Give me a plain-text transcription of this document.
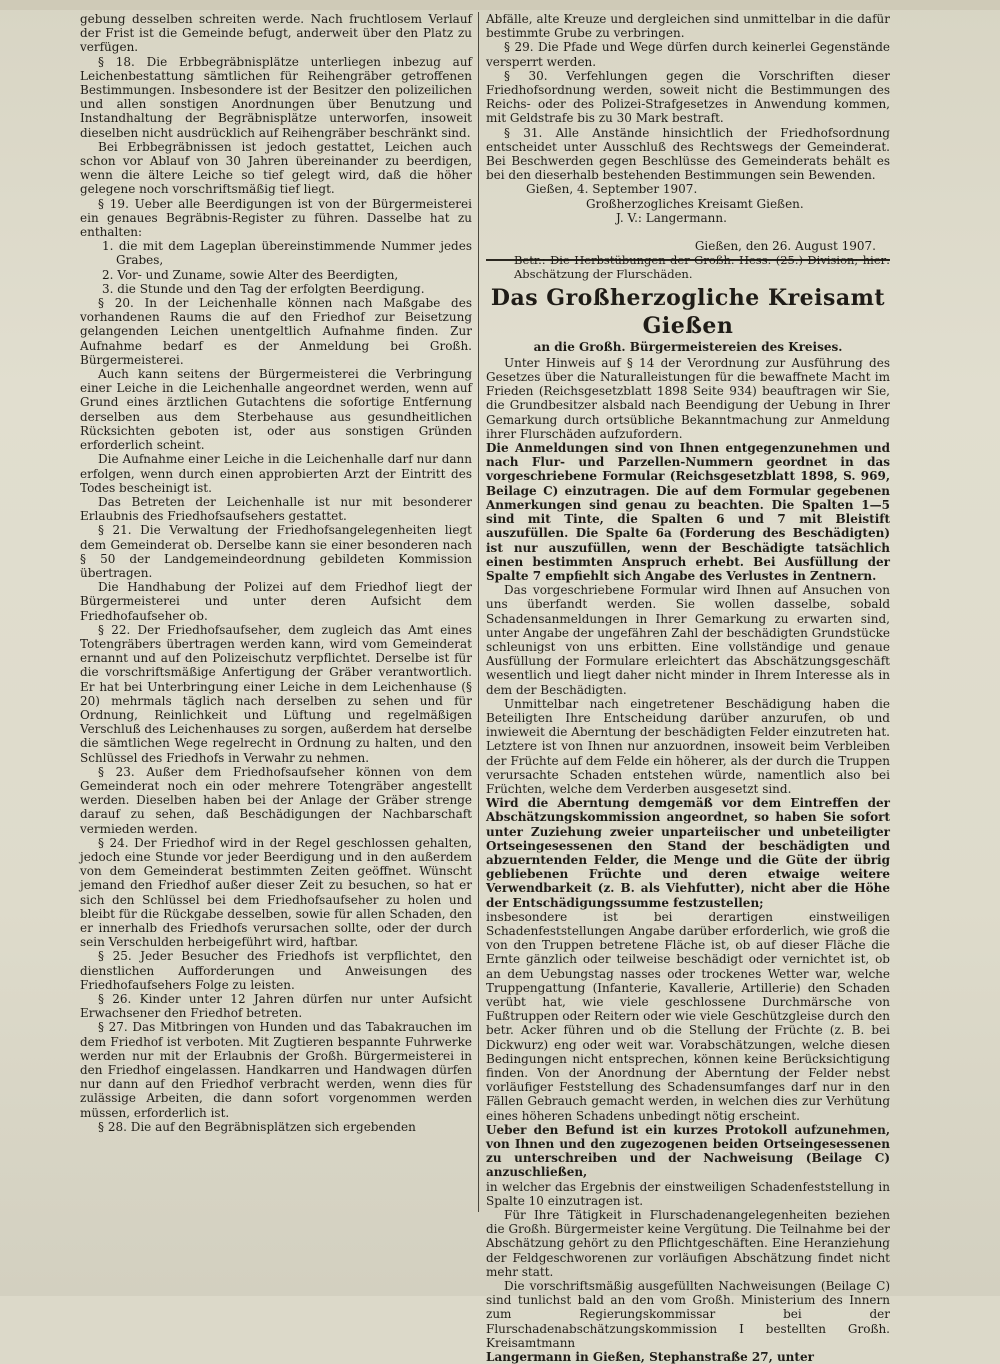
gebung desselben schreiten werde. Nach fruchtlosem Verlauf der Frist ist die Gemeinde befugt, anderweit über den Platz zu verfügen.

§ 18. Die Erbbegräbnisplätze unterliegen inbezug auf Leichenbestattung sämtlichen für Reihengräber getroffenen Bestimmungen. Insbesondere ist der Besitzer den polizeilichen und allen sonstigen Anordnungen über Benutzung und Instandhaltung der Begräbnisplätze unterworfen, insoweit dieselben nicht ausdrücklich auf Reihengräber beschränkt sind.

Bei Erbbegräbnissen ist jedoch gestattet, Leichen auch schon vor Ablauf von 30 Jahren übereinander zu beerdigen, wenn die ältere Leiche so tief gelegt wird, daß die höher gelegene noch vorschriftsmäßig tief liegt.

§ 19. Ueber alle Beerdigungen ist von der Bürgermeisterei ein genaues Begräbnis-Register zu führen. Dasselbe hat zu enthalten:

1. die mit dem Lageplan übereinstimmende Nummer jedes Grabes,
2. Vor- und Zuname, sowie Alter des Beerdigten,
3. die Stunde und den Tag der erfolgten Beerdigung.

§ 20. In der Leichenhalle können nach Maßgabe des vorhandenen Raums die auf den Friedhof zur Beisetzung gelangenden Leichen unentgeltlich Aufnahme finden. Zur Aufnahme bedarf es der Anmeldung bei Großh. Bürgermeisterei.

Auch kann seitens der Bürgermeisterei die Verbringung einer Leiche in die Leichenhalle angeordnet werden, wenn auf Grund eines ärztlichen Gutachtens die sofortige Entfernung derselben aus dem Sterbehause aus gesundheitlichen Rücksichten geboten ist, oder aus sonstigen Gründen erforderlich scheint.

Die Aufnahme einer Leiche in die Leichenhalle darf nur dann erfolgen, wenn durch einen approbierten Arzt der Eintritt des Todes bescheinigt ist.

Das Betreten der Leichenhalle ist nur mit besonderer Erlaubnis des Friedhofsaufsehers gestattet.

§ 21. Die Verwaltung der Friedhofsangelegenheiten liegt dem Gemeinderat ob. Derselbe kann sie einer besonderen nach § 50 der Landgemeindeordnung gebildeten Kommission übertragen.

Die Handhabung der Polizei auf dem Friedhof liegt der Bürgermeisterei und unter deren Aufsicht dem Friedhofaufseher ob.

§ 22. Der Friedhofsaufseher, dem zugleich das Amt eines Totengräbers übertragen werden kann, wird vom Gemeinderat ernannt und auf den Polizeischutz verpflichtet. Derselbe ist für die vorschriftsmäßige Anfertigung der Gräber verantwortlich. Er hat bei Unterbringung einer Leiche in dem Leichenhause (§ 20) mehrmals täglich nach derselben zu sehen und für Ordnung, Reinlichkeit und Lüftung und regelmäßigen Verschluß des Leichenhauses zu sorgen, außerdem hat derselbe die sämtlichen Wege regelrecht in Ordnung zu halten, und den Schlüssel des Friedhofs in Verwahr zu nehmen.

§ 23. Außer dem Friedhofsaufseher können von dem Gemeinderat noch ein oder mehrere Totengräber angestellt werden. Dieselben haben bei der Anlage der Gräber strenge darauf zu sehen, daß Beschädigungen der Nachbarschaft vermieden werden.

§ 24. Der Friedhof wird in der Regel geschlossen gehalten, jedoch eine Stunde vor jeder Beerdigung und in den außerdem von dem Gemeinderat bestimmten Zeiten geöffnet. Wünscht jemand den Friedhof außer dieser Zeit zu besuchen, so hat er sich den Schlüssel bei dem Friedhofsaufseher zu holen und bleibt für die Rückgabe desselben, sowie für allen Schaden, den er innerhalb des Friedhofs verursachen sollte, oder der durch sein Verschulden herbeigeführt wird, haftbar.

§ 25. Jeder Besucher des Friedhofs ist verpflichtet, den dienstlichen Aufforderungen und Anweisungen des Friedhofaufsehers Folge zu leisten.

§ 26. Kinder unter 12 Jahren dürfen nur unter Aufsicht Erwachsener den Friedhof betreten.

§ 27. Das Mitbringen von Hunden und das Tabakrauchen im dem Friedhof ist verboten. Mit Zugtieren bespannte Fuhrwerke werden nur mit der Erlaubnis der Großh. Bürgermeisterei in den Friedhof eingelassen. Handkarren und Handwagen dürfen nur dann auf den Friedhof verbracht werden, wenn dies für zulässige Arbeiten, die dann sofort vorgenommen werden müssen, erforderlich ist.

§ 28. Die auf den Begräbnisplätzen sich ergebenden

Abfälle, alte Kreuze und dergleichen sind unmittelbar in die dafür bestimmte Grube zu verbringen.

§ 29. Die Pfade und Wege dürfen durch keinerlei Gegenstände versperrt werden.

§ 30. Verfehlungen gegen die Vorschriften dieser Friedhofsordnung werden, soweit nicht die Bestimmungen des Reichs- oder des Polizei-Strafgesetzes in Anwendung kommen, mit Geldstrafe bis zu 30 Mark bestraft.

§ 31. Alle Anstände hinsichtlich der Friedhofsordnung entscheidet unter Ausschluß des Rechtswegs der Gemeinderat. Bei Beschwerden gegen Beschlüsse des Gemeinderats behält es bei den dieserhalb bestehenden Bestimmungen sein Bewenden.

Gießen, 4. September 1907.

Großherzogliches Kreisamt Gießen.

J. V.: Langermann.

Gießen, den 26. August 1907.

Betr.: Die Herbstübungen der Großh. Hess. (25.) Division; hier: Abschätzung der Flurschäden.

Das Großherzogliche Kreisamt Gießen
an die Großh. Bürgermeistereien des Kreises.

Unter Hinweis auf § 14 der Verordnung zur Ausführung des Gesetzes über die Naturalleistungen für die bewaffnete Macht im Frieden (Reichsgesetzblatt 1898 Seite 934) beauftragen wir Sie, die Grundbesitzer alsbald nach Beendigung der Uebung in Ihrer Gemarkung durch ortsübliche Bekanntmachung zur Anmeldung ihrer Flurschäden aufzufordern.

Die Anmeldungen sind von Ihnen entgegenzunehmen und nach Flur- und Parzellen-Nummern geordnet in das vorgeschriebene Formular (Reichsgesetzblatt 1898, S. 969, Beilage C) einzutragen. Die auf dem Formular gegebenen Anmerkungen sind genau zu beachten. Die Spalten 1—5 sind mit Tinte, die Spalten 6 und 7 mit Bleistift auszufüllen. Die Spalte 6a (Forderung des Beschädigten) ist nur auszufüllen, wenn der Beschädigte tatsächlich einen bestimmten Anspruch erhebt. Bei Ausfüllung der Spalte 7 empfiehlt sich Angabe des Verlustes in Zentnern.

Das vorgeschriebene Formular wird Ihnen auf Ansuchen von uns überfandt werden. Sie wollen dasselbe, sobald Schadensanmeldungen in Ihrer Gemarkung zu erwarten sind, unter Angabe der ungefähren Zahl der beschädigten Grundstücke schleunigst von uns erbitten. Eine vollständige und genaue Ausfüllung der Formulare erleichtert das Abschätzungsgeschäft wesentlich und liegt daher nicht minder in Ihrem Interesse als in dem der Beschädigten.

Unmittelbar nach eingetretener Beschädigung haben die Beteiligten Ihre Entscheidung darüber anzurufen, ob und inwieweit die Aberntung der beschädigten Felder einzutreten hat. Letztere ist von Ihnen nur anzuordnen, insoweit beim Verbleiben der Früchte auf dem Felde ein höherer, als der durch die Truppen verursachte Schaden entstehen würde, namentlich also bei Früchten, welche dem Verderben ausgesetzt sind.

Wird die Aberntung demgemäß vor dem Eintreffen der Abschätzungskommission angeordnet, so haben Sie sofort unter Zuziehung zweier unparteiischer und unbeteiligter Ortseingesessenen den Stand der beschädigten und abzuerntenden Felder, die Menge und die Güte der übrig gebliebenen Früchte und deren etwaige weitere Verwendbarkeit (z. B. als Viehfutter), nicht aber die Höhe der Entschädigungssumme festzustellen;

insbesondere ist bei derartigen einstweiligen Schadenfeststellungen Angabe darüber erforderlich, wie groß die von den Truppen betretene Fläche ist, ob auf dieser Fläche die Ernte gänzlich oder teilweise beschädigt oder vernichtet ist, ob an dem Uebungstag nasses oder trockenes Wetter war, welche Truppengattung (Infanterie, Kavallerie, Artillerie) den Schaden verübt hat, wie viele geschlossene Durchmärsche von Fußtruppen oder Reitern oder wie viele Geschützgleise durch den betr. Acker führen und ob die Stellung der Früchte (z. B. bei Dickwurz) eng oder weit war. Vorabschätzungen, welche diesen Bedingungen nicht entsprechen, können keine Berücksichtigung finden. Von der Anordnung der Aberntung der Felder nebst vorläufiger Feststellung des Schadensumfanges darf nur in den Fällen Gebrauch gemacht werden, in welchen dies zur Verhütung eines höheren Schadens unbedingt nötig erscheint.

Ueber den Befund ist ein kurzes Protokoll aufzunehmen, von Ihnen und den zugezogenen beiden Ortseingesessenen zu unterschreiben und der Nachweisung (Beilage C) anzuschließen,

in welcher das Ergebnis der einstweiligen Schadenfeststellung in Spalte 10 einzutragen ist.

Für Ihre Tätigkeit in Flurschadenangelegenheiten beziehen die Großh. Bürgermeister keine Vergütung. Die Teilnahme bei der Abschätzung gehört zu den Pflichtgeschäften. Eine Heranziehung der Feldgeschworenen zur vorläufigen Abschätzung findet nicht mehr statt.

Die vorschriftsmäßig ausgefüllten Nachweisungen (Beilage C) sind tunlichst bald an den vom Großh. Ministerium des Innern zum Regierungskommissar bei der Flurschadenabschätzungskommission I bestellten Großh. Kreisamtmann

Langermann in Gießen, Stephanstraße 27, unter
